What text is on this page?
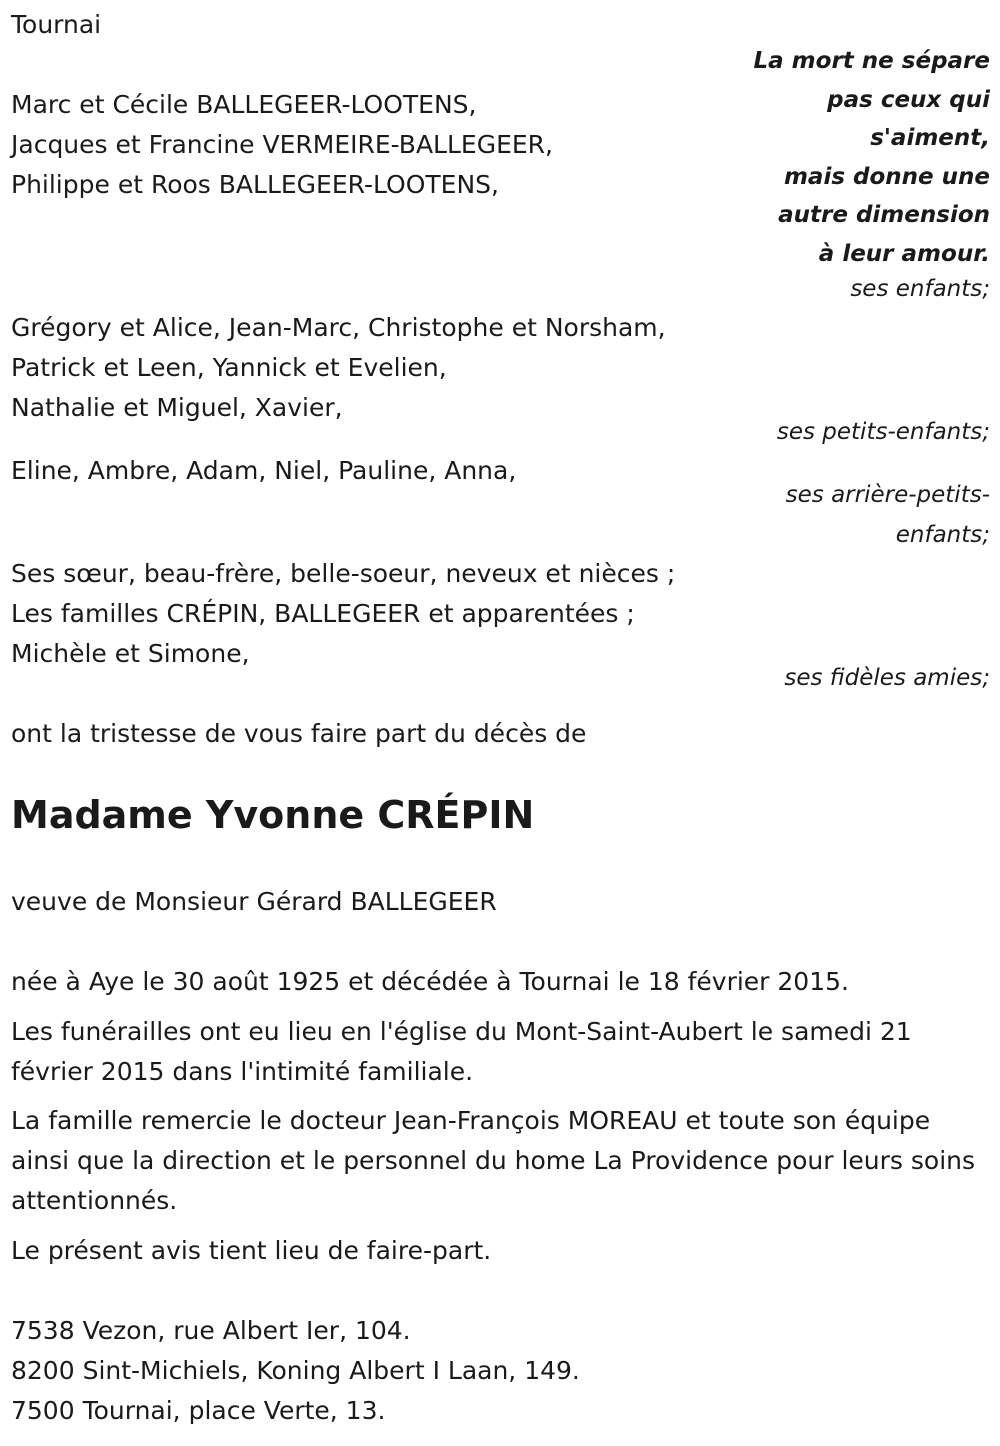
Tournai

La mort ne sépare
pas ceux qui
s'aiment,
mais donne une
autre dimension
à leur amour.

Marc et Cécile BALLEGEER-LOOTENS,

Jacques et Francine VERMEIRE-BALLEGEER,

Philippe et Roos BALLEGEER-LOOTENS,

ses enfants;

Grégory et Alice, Jean-Marc, Christophe et Norsham,

Patrick et Leen, Yannick et Evelien,

Nathalie et Miguel, Xavier,

ses petits-enfants;

Eline, Ambre, Adam, Niel, Pauline, Anna,

ses arrière-petits-

enfants;

Ses sœur, beau-frère, belle-soeur, neveux et nièces ;

Les familles CRÉPIN, BALLEGEER et apparentées ;

Michèle et Simone,

ses fidèles amies;

ont la tristesse de vous faire part du décès de

Madame Yvonne CRÉPIN

veuve de Monsieur Gérard BALLEGEER

née à Aye le 30 août 1925 et décédée à Tournai le 18 février 2015.

Les funérailles ont eu lieu en l'église du Mont-Saint-Aubert le samedi 21 février 2015 dans l'intimité familiale.

La famille remercie le docteur Jean-François MOREAU et toute son équipe ainsi que la direction et le personnel du home La Providence pour leurs soins attentionnés.

Le présent avis tient lieu de faire-part.

7538 Vezon, rue Albert Ier, 104.

8200 Sint-Michiels, Koning Albert I Laan, 149.

7500 Tournai, place Verte, 13.
